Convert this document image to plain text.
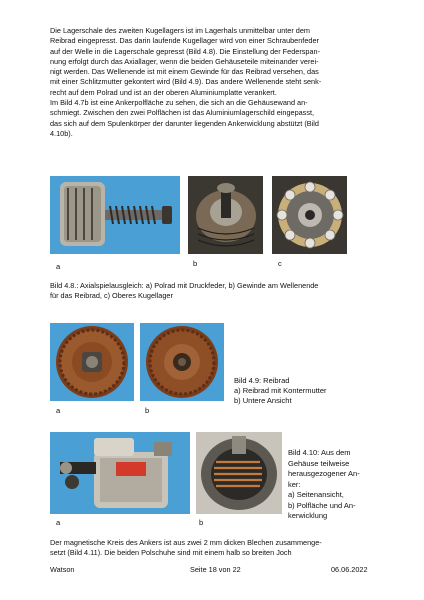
Die Lagerschale des zweiten Kugellagers ist im Lagerhals unmittelbar unter dem
Reibrad eingepresst. Das darin laufende Kugellager wird von einer Schraubenfeder
auf der Welle in die Lagerschale gepresst (Bild 4.8). Die Einstellung der Federspan-
nung erfolgt durch das Axiallager, wenn die beiden Gehäuseteile miteinander verei-
nigt werden. Das Wellenende ist mit einem Gewinde für das Reibrad versehen, das
mit einer Schlitzmutter gekontert wird (Bild 4.9). Das andere Wellenende steht senk-
recht auf dem Polrad und ist an der oberen Aluminiumplatte verankert.
Im Bild 4.7b ist eine Ankerpolfläche zu sehen, die sich an die Gehäusewand an-
schmiegt. Zwischen den zwei Polflächen ist das Aluminiumlagerschild eingepasst,
das sich auf dem Spulenkörper der darunter liegenden Ankerwicklung abstützt (Bild
4.10b).
a	b	c
Bild 4.8.: Axialspielausgleich: a) Polrad mit Druckfeder, b) Gewinde am Wellenende
für das Reibrad, c) Oberes Kugellager
a	b
Bild 4.9: Reibrad
a) Reibrad mit Kontermutter
b) Untere Ansicht
a	b
Bild 4.10: Aus dem
Gehäuse teilweise
herausgezogener An-
ker:
a) Seitenansicht,
b) Polfläche und An-
kerwicklung
Der magnetische Kreis des Ankers ist aus zwei 2 mm dicken Blechen zusammenge-
setzt (Bild 4.11). Die beiden Polschuhe sind mit einem halb so breiten Joch
Watson	Seite 18 von 22	06.06.2022
